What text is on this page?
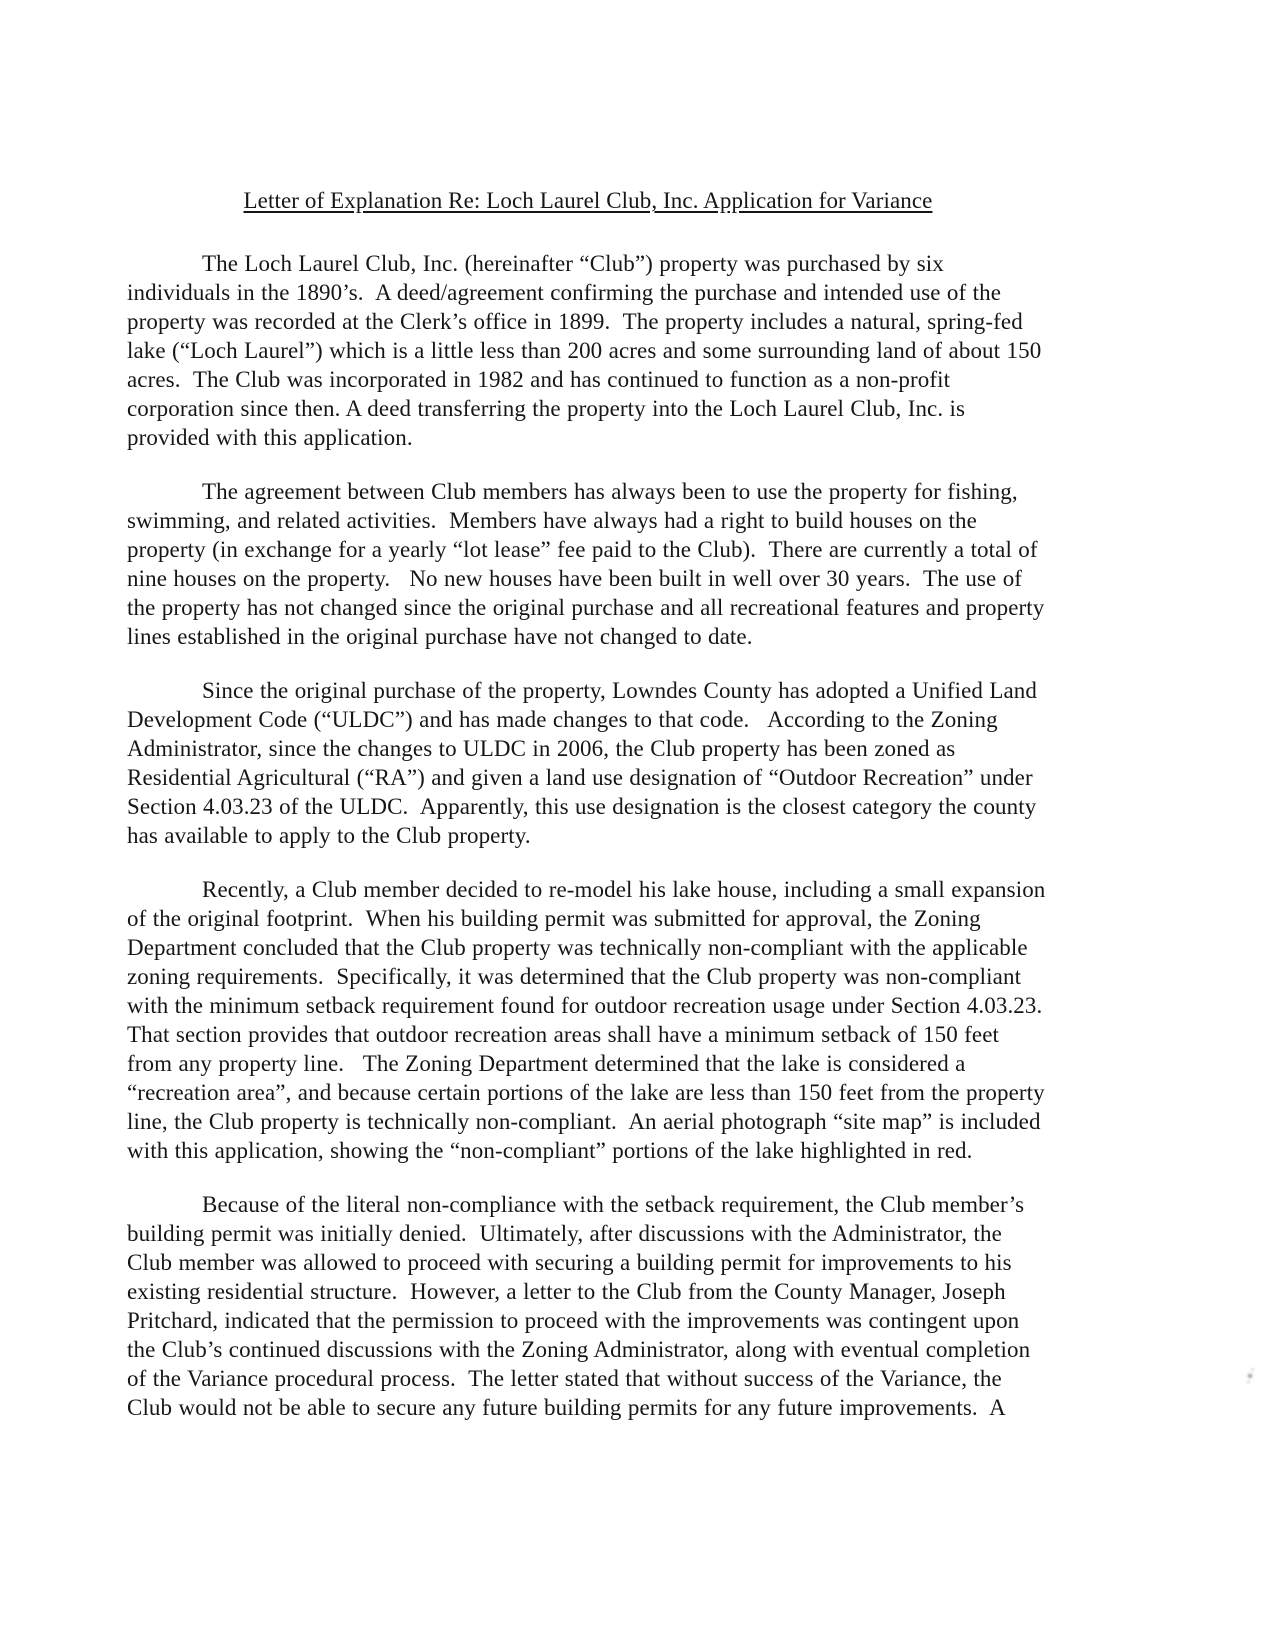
Letter of Explanation Re: Loch Laurel Club, Inc. Application for Variance

The Loch Laurel Club, Inc. (hereinafter “Club”) property was purchased by six individuals in the 1890’s.  A deed/agreement confirming the purchase and intended use of the property was recorded at the Clerk’s office in 1899.  The property includes a natural, spring-fed lake (“Loch Laurel”) which is a little less than 200 acres and some surrounding land of about 150 acres.  The Club was incorporated in 1982 and has continued to function as a non-profit corporation since then. A deed transferring the property into the Loch Laurel Club, Inc. is provided with this application.

The agreement between Club members has always been to use the property for fishing, swimming, and related activities.  Members have always had a right to build houses on the property (in exchange for a yearly “lot lease” fee paid to the Club).  There are currently a total of nine houses on the property.   No new houses have been built in well over 30 years.  The use of the property has not changed since the original purchase and all recreational features and property lines established in the original purchase have not changed to date.

Since the original purchase of the property, Lowndes County has adopted a Unified Land Development Code (“ULDC”) and has made changes to that code.   According to the Zoning Administrator, since the changes to ULDC in 2006, the Club property has been zoned as Residential Agricultural (“RA”) and given a land use designation of “Outdoor Recreation” under Section 4.03.23 of the ULDC.  Apparently, this use designation is the closest category the county has available to apply to the Club property.

Recently, a Club member decided to re-model his lake house, including a small expansion of the original footprint.  When his building permit was submitted for approval, the Zoning Department concluded that the Club property was technically non-compliant with the applicable zoning requirements.  Specifically, it was determined that the Club property was non-compliant with the minimum setback requirement found for outdoor recreation usage under Section 4.03.23.  That section provides that outdoor recreation areas shall have a minimum setback of 150 feet from any property line.   The Zoning Department determined that the lake is considered a “recreation area”, and because certain portions of the lake are less than 150 feet from the property line, the Club property is technically non-compliant.  An aerial photograph “site map” is included with this application, showing the “non-compliant” portions of the lake highlighted in red.

Because of the literal non-compliance with the setback requirement, the Club member’s building permit was initially denied.  Ultimately, after discussions with the Administrator, the Club member was allowed to proceed with securing a building permit for improvements to his existing residential structure.  However, a letter to the Club from the County Manager, Joseph Pritchard, indicated that the permission to proceed with the improvements was contingent upon the Club’s continued discussions with the Zoning Administrator, along with eventual completion of the Variance procedural process.  The letter stated that without success of the Variance, the Club would not be able to secure any future building permits for any future improvements.  A
